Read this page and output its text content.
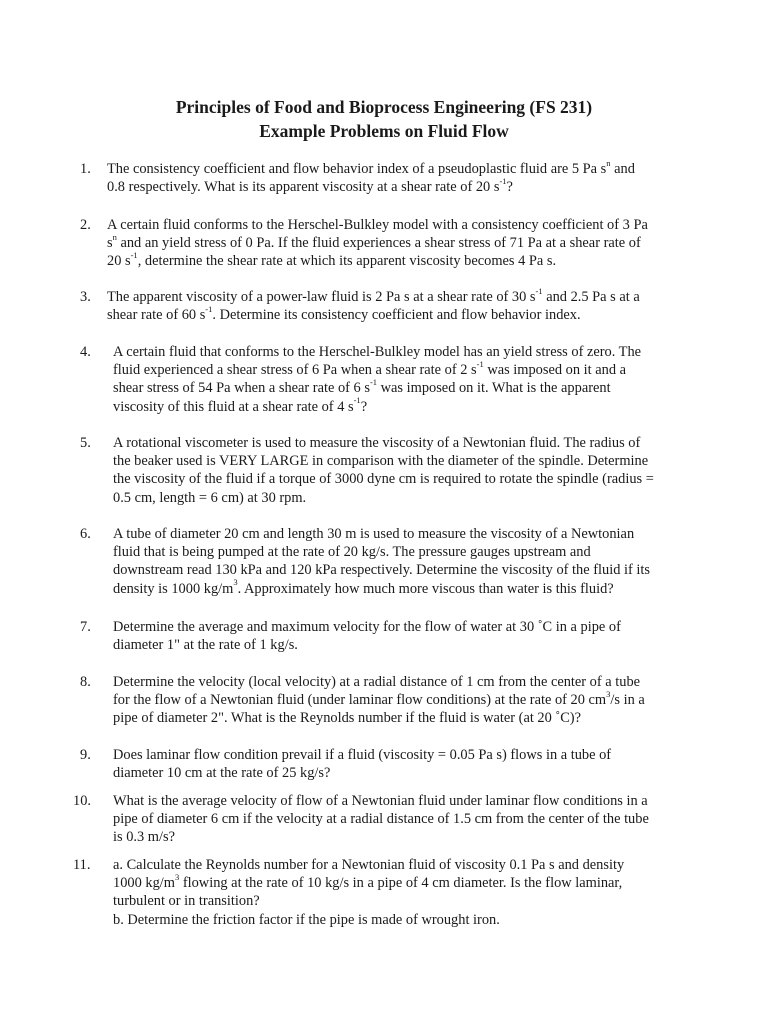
Principles of Food and Bioprocess Engineering (FS 231)
Example Problems on Fluid Flow
1.	The consistency coefficient and flow behavior index of a pseudoplastic fluid are 5 Pa $s^n$ and
0.8 respectively. What is its apparent viscosity at a shear rate of 20 $s^{-1}$?
2.	A certain fluid conforms to the Herschel-Bulkley model with a consistency coefficient of 3 Pa
$s^n$ and an yield stress of 0 Pa. If the fluid experiences a shear stress of 71 Pa at a shear rate of
20 $s^{-1}$, determine the shear rate at which its apparent viscosity becomes 4 Pa s.
3.	The apparent viscosity of a power-law fluid is 2 Pa s at a shear rate of 30 $s^{-1}$ and 2.5 Pa s at a
shear rate of 60 $s^{-1}$. Determine its consistency coefficient and flow behavior index.
4.	A certain fluid that conforms to the Herschel-Bulkley model has an yield stress of zero. The
fluid experienced a shear stress of 6 Pa when a shear rate of 2 $s^{-1}$ was imposed on it and a
shear stress of 54 Pa when a shear rate of 6 $s^{-1}$ was imposed on it. What is the apparent
viscosity of this fluid at a shear rate of 4 $s^{-1}$?
5.	A rotational viscometer is used to measure the viscosity of a Newtonian fluid. The radius of
the beaker used is VERY LARGE in comparison with the diameter of the spindle. Determine
the viscosity of the fluid if a torque of 3000 dyne cm is required to rotate the spindle (radius =
0.5 cm, length = 6 cm) at 30 rpm.
6.	A tube of diameter 20 cm and length 30 m is used to measure the viscosity of a Newtonian
fluid that is being pumped at the rate of 20 kg/s. The pressure gauges upstream and
downstream read 130 kPa and 120 kPa respectively. Determine the viscosity of the fluid if its
density is 1000 $kg/m^3$. Approximately how much more viscous than water is this fluid?
7.	Determine the average and maximum velocity for the flow of water at 30 ˚C in a pipe of
diameter 1" at the rate of 1 kg/s.
8.	Determine the velocity (local velocity) at a radial distance of 1 cm from the center of a tube
for the flow of a Newtonian fluid (under laminar flow conditions) at the rate of 20 $cm^3/s$ in a
pipe of diameter 2". What is the Reynolds number if the fluid is water (at 20 ˚C)?
9.	Does laminar flow condition prevail if a fluid (viscosity = 0.05 Pa s) flows in a tube of
diameter 10 cm at the rate of 25 kg/s?
10.	What is the average velocity of flow of a Newtonian fluid under laminar flow conditions in a
pipe of diameter 6 cm if the velocity at a radial distance of 1.5 cm from the center of the tube
is 0.3 m/s?
11.	a. Calculate the Reynolds number for a Newtonian fluid of viscosity 0.1 Pa s and density
1000 $kg/m^3$ flowing at the rate of 10 kg/s in a pipe of 4 cm diameter. Is the flow laminar,
turbulent or in transition?
b. Determine the friction factor if the pipe is made of wrought iron.
